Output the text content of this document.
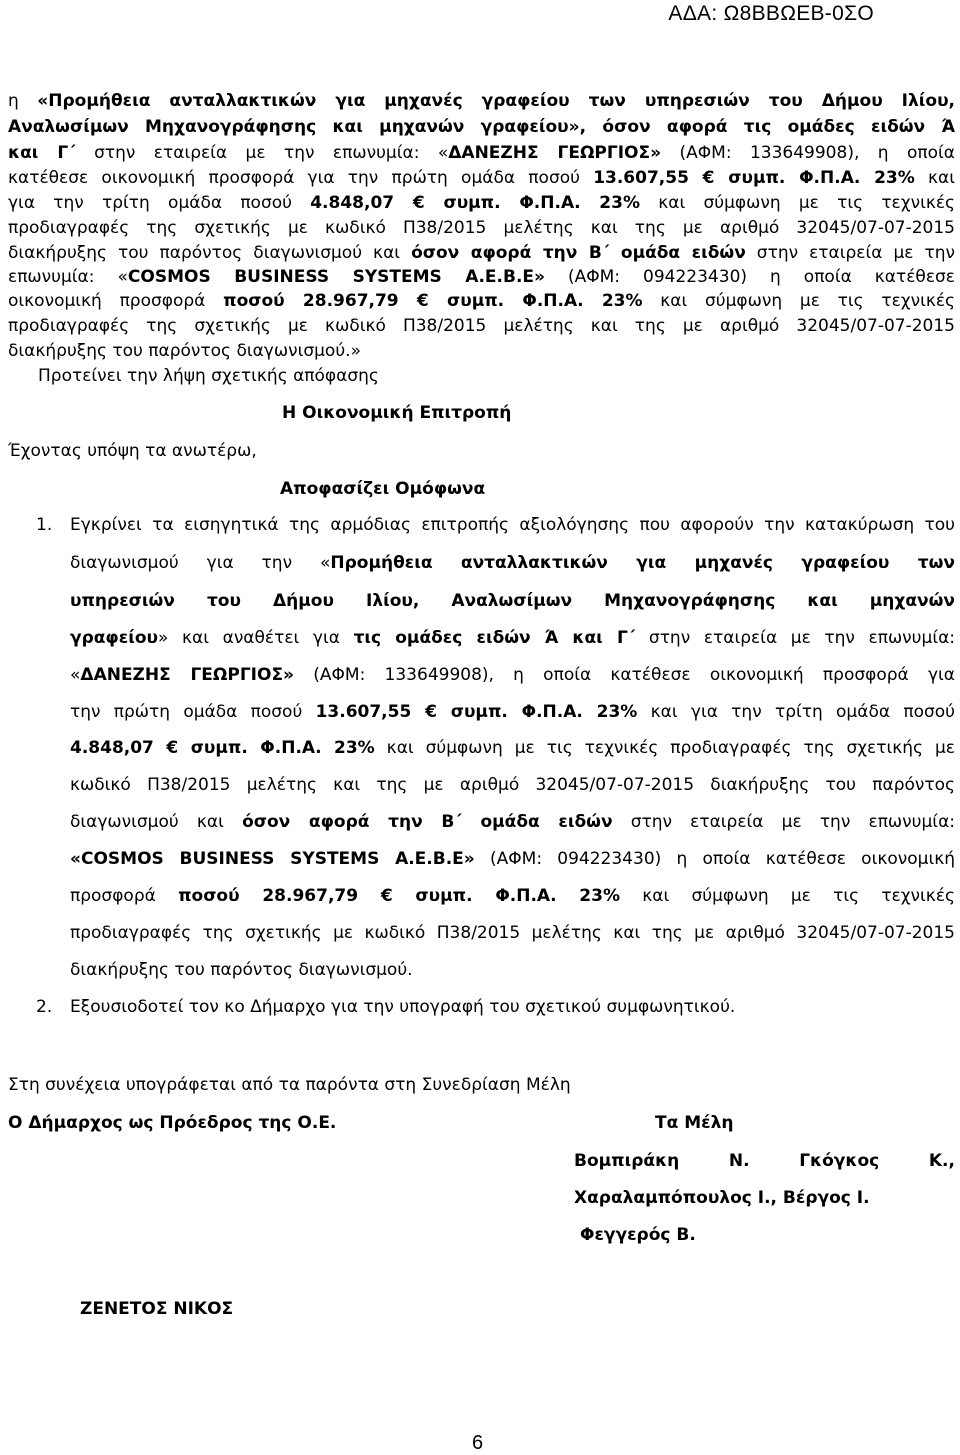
ΑΔΑ: Ω8ΒΒΩΕΒ-0ΣΟ
η «Προμήθεια ανταλλακτικών για μηχανές γραφείου των υπηρεσιών του Δήμου Ιλίου,
Αναλωσίμων Μηχανογράφησης και μηχανών γραφείου», όσον αφορά τις ομάδες ειδών Ά
και Γ΄ στην εταιρεία με την επωνυμία: «ΔΑΝΕΖΗΣ ΓΕΩΡΓΙΟΣ» (ΑΦΜ: 133649908), η οποία
κατέθεσε οικονομική προσφορά για την πρώτη ομάδα ποσού 13.607,55 € συμπ. Φ.Π.Α. 23% και
για την τρίτη ομάδα ποσού 4.848,07 € συμπ. Φ.Π.Α. 23% και σύμφωνη με τις τεχνικές
προδιαγραφές της σχετικής με κωδικό Π38/2015 μελέτης και της με αριθμό 32045/07-07-2015
διακήρυξης του παρόντος διαγωνισμού και όσον αφορά την Β΄ ομάδα ειδών στην εταιρεία με την
επωνυμία: «COSMOS BUSINESS SYSTEMS Α.Ε.Β.Ε» (ΑΦΜ: 094223430) η οποία κατέθεσε
οικονομική προσφορά ποσού 28.967,79 € συμπ. Φ.Π.Α. 23% και σύμφωνη με τις τεχνικές
προδιαγραφές της σχετικής με κωδικό Π38/2015 μελέτης και της με αριθμό 32045/07-07-2015
διακήρυξης του παρόντος διαγωνισμού.»
Προτείνει την λήψη σχετικής απόφασης
Η Οικονομική Επιτροπή
Έχοντας υπόψη τα ανωτέρω,
Αποφασίζει Ομόφωνα
1. Εγκρίνει τα εισηγητικά της αρμόδιας επιτροπής αξιολόγησης που αφορούν την κατακύρωση του
διαγωνισμού για την «Προμήθεια ανταλλακτικών για μηχανές γραφείου των
υπηρεσιών του Δήμου Ιλίου, Αναλωσίμων Μηχανογράφησης και μηχανών
γραφείου» και αναθέτει για τις ομάδες ειδών Ά και Γ΄ στην εταιρεία με την επωνυμία:
«ΔΑΝΕΖΗΣ ΓΕΩΡΓΙΟΣ» (ΑΦΜ: 133649908), η οποία κατέθεσε οικονομική προσφορά για
την πρώτη ομάδα ποσού 13.607,55 € συμπ. Φ.Π.Α. 23% και για την τρίτη ομάδα ποσού
4.848,07 € συμπ. Φ.Π.Α. 23% και σύμφωνη με τις τεχνικές προδιαγραφές της σχετικής με
κωδικό Π38/2015 μελέτης και της με αριθμό 32045/07-07-2015 διακήρυξης του παρόντος
διαγωνισμού και όσον αφορά την Β΄ ομάδα ειδών στην εταιρεία με την επωνυμία:
«COSMOS BUSINESS SYSTEMS Α.Ε.Β.Ε» (ΑΦΜ: 094223430) η οποία κατέθεσε οικονομική
προσφορά ποσού 28.967,79 € συμπ. Φ.Π.Α. 23% και σύμφωνη με τις τεχνικές
προδιαγραφές της σχετικής με κωδικό Π38/2015 μελέτης και της με αριθμό 32045/07-07-2015
διακήρυξης του παρόντος διαγωνισμού.
2. Εξουσιοδοτεί τον κο Δήμαρχο για την υπογραφή του σχετικού συμφωνητικού.
Στη συνέχεια υπογράφεται από τα παρόντα στη Συνεδρίαση Μέλη
Ο Δήμαρχος ως Πρόεδρος της Ο.Ε.	Τα Μέλη
Βομπιράκη	Ν.	Γκόγκος	Κ.,
Χαραλαμπόπουλος Ι., Βέργος Ι.
Φεγγερός Β.
ΖΕΝΕΤΟΣ ΝΙΚΟΣ
6
